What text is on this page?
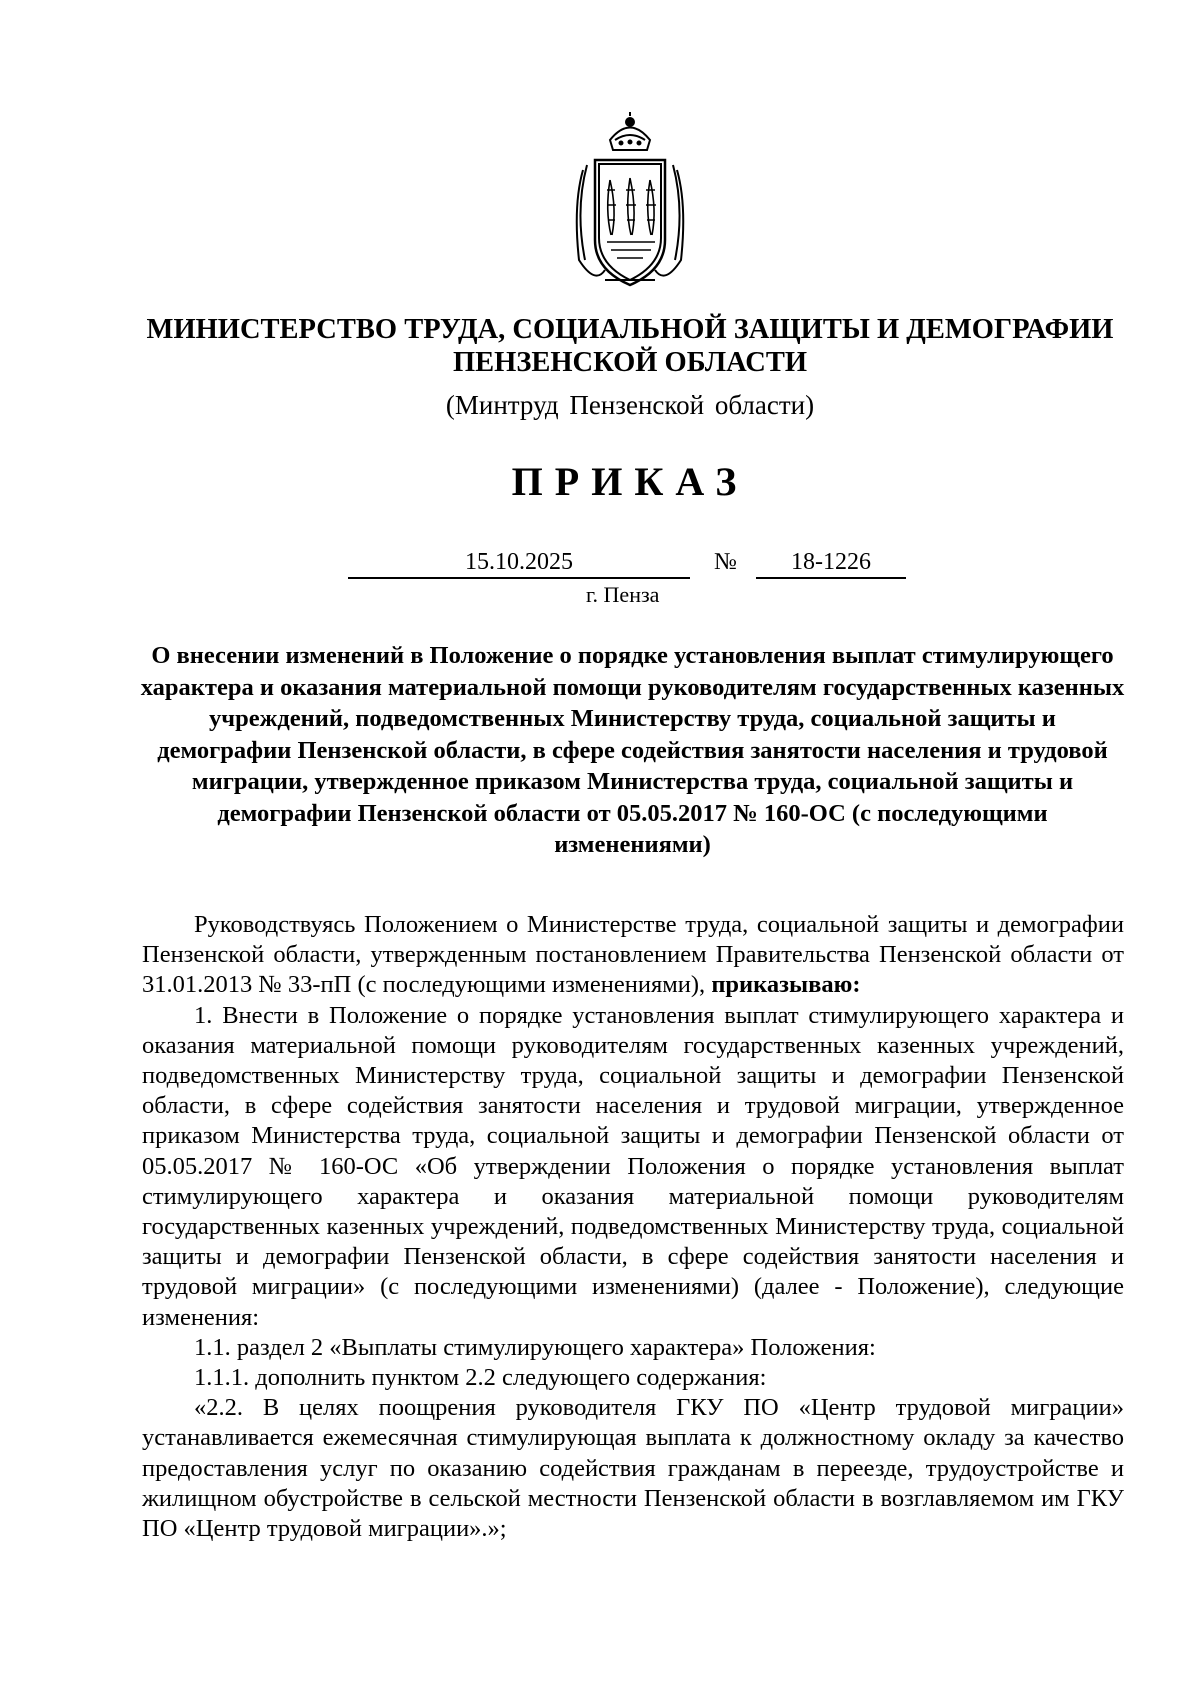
МИНИСТЕРСТВО ТРУДА, СОЦИАЛЬНОЙ ЗАЩИТЫ И ДЕМОГРАФИИ
ПЕНЗЕНСКОЙ ОБЛАСТИ
(Минтруд Пензенской области)
ПРИКАЗ
15.10.2025	№	18-1226
г. Пенза
О внесении изменений в Положение о порядке установления выплат стимулирующего характера и оказания материальной помощи руководителям государственных казенных учреждений, подведомственных Министерству труда, социальной защиты и демографии Пензенской области, в сфере содействия занятости населения и трудовой миграции, утвержденное приказом Министерства труда, социальной защиты и демографии Пензенской области от 05.05.2017 № 160-ОС (с последующими изменениями)

Руководствуясь Положением о Министерстве труда, социальной защиты и демографии Пензенской области, утвержденным постановлением Правительства Пензенской области от 31.01.2013 № 33-пП (с последующими изменениями), приказываю:

1. Внести в Положение о порядке установления выплат стимулирующего характера и оказания материальной помощи руководителям государственных казенных учреждений, подведомственных Министерству труда, социальной защиты и демографии Пензенской области, в сфере содействия занятости населения и трудовой миграции, утвержденное приказом Министерства труда, социальной защиты и демографии Пензенской области от 05.05.2017 № 160-ОС «Об утверждении Положения о порядке установления выплат стимулирующего характера и оказания материальной помощи руководителям государственных казенных учреждений, подведомственных Министерству труда, социальной защиты и демографии Пензенской области, в сфере содействия занятости населения и трудовой миграции» (с последующими изменениями) (далее - Положение), следующие изменения:

1.1. раздел 2 «Выплаты стимулирующего характера» Положения:

1.1.1. дополнить пунктом 2.2 следующего содержания:

«2.2. В целях поощрения руководителя ГКУ ПО «Центр трудовой миграции» устанавливается ежемесячная стимулирующая выплата к должностному окладу за качество предоставления услуг по оказанию содействия гражданам в переезде, трудоустройстве и жилищном обустройстве в сельской местности Пензенской области в возглавляемом им ГКУ ПО «Центр трудовой миграции».»;
